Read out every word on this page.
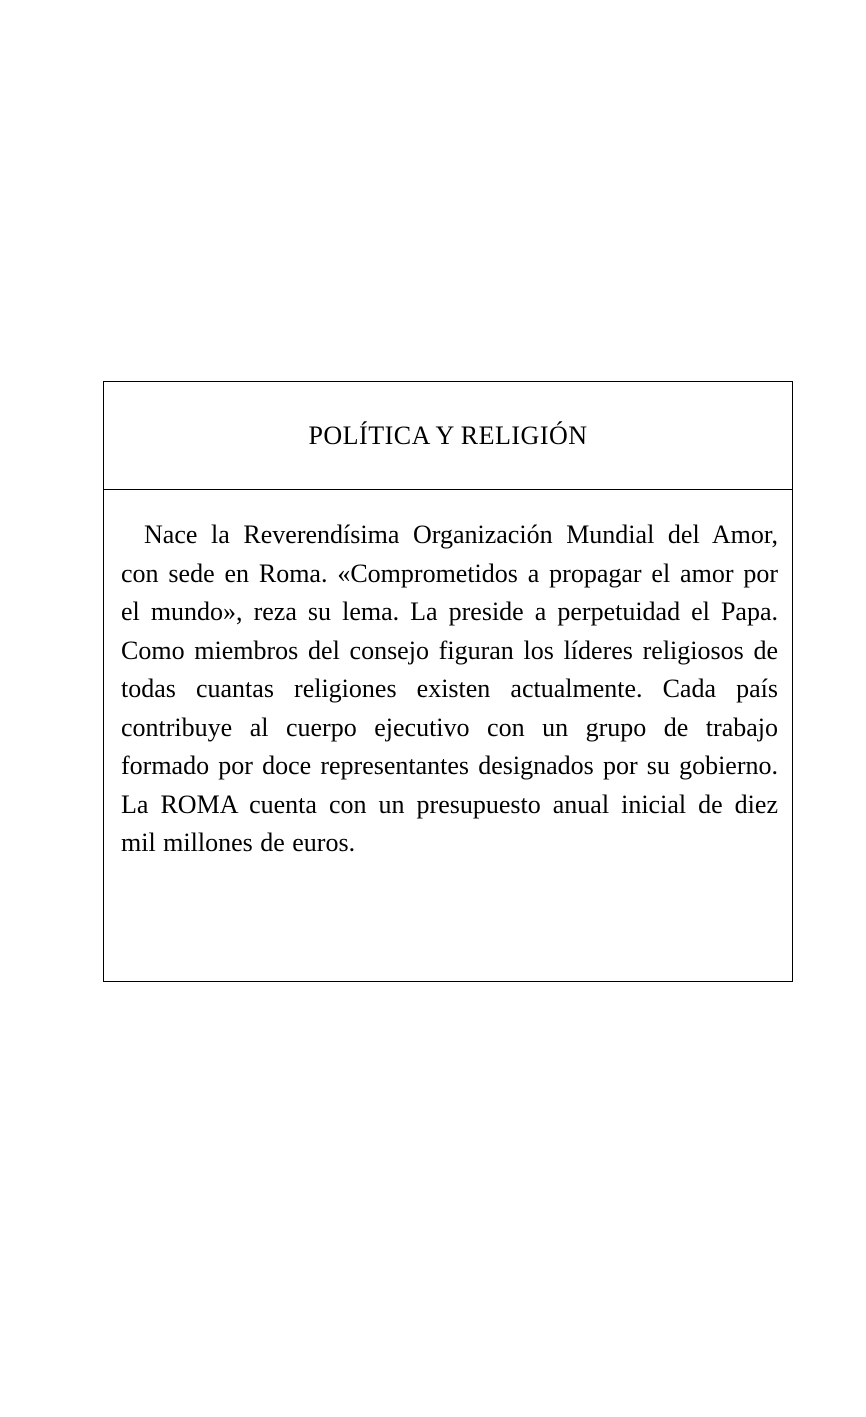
POLÍTICA Y RELIGIÓN

Nace la Reverendísima Organización Mundial del Amor, con sede en Roma. «Comprometidos a propagar el amor por el mundo», reza su lema. La preside a perpetuidad el Papa. Como miembros del consejo figuran los líderes religiosos de todas cuantas religiones existen actualmente. Cada país contribuye al cuerpo ejecutivo con un grupo de trabajo formado por doce representantes designados por su gobierno. La ROMA cuenta con un presupuesto anual inicial de diez mil millones de euros.
